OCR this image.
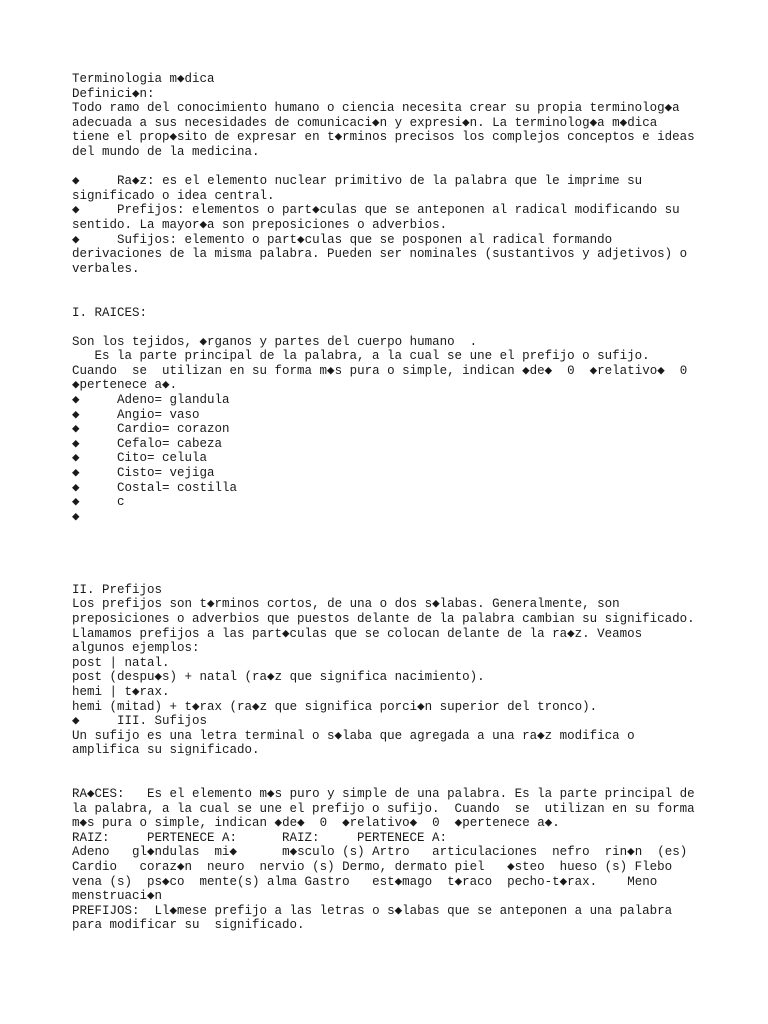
Terminologia m◆dica
Definici◆n:
Todo ramo del conocimiento humano o ciencia necesita crear su propia terminolog◆a
adecuada a sus necesidades de comunicaci◆n y expresi◆n. La terminolog◆a m◆dica
tiene el prop◆sito de expresar en t◆rminos precisos los complejos conceptos e ideas
del mundo de la medicina.
◆     Ra◆z: es el elemento nuclear primitivo de la palabra que le imprime su
significado o idea central.
◆     Prefijos: elementos o part◆culas que se anteponen al radical modificando su
sentido. La mayor◆a son preposiciones o adverbios.
◆     Sufijos: elemento o part◆culas que se posponen al radical formando
derivaciones de la misma palabra. Pueden ser nominales (sustantivos y adjetivos) o
verbales.
I. RAICES:
Son los tejidos, ◆rganos y partes del cuerpo humano  .
Es la parte principal de la palabra, a la cual se une el prefijo o sufijo.
Cuando  se  utilizan en su forma m◆s pura o simple, indican ◆de◆  0  ◆relativo◆  0
◆pertenece a◆.
◆     Adeno= glandula
◆     Angio= vaso
◆     Cardio= corazon
◆     Cefalo= cabeza
◆     Cito= celula
◆     Cisto= vejiga
◆     Costal= costilla
◆     c
◆
II. Prefijos
Los prefijos son t◆rminos cortos, de una o dos s◆labas. Generalmente, son
preposiciones o adverbios que puestos delante de la palabra cambian su significado.
Llamamos prefijos a las part◆culas que se colocan delante de la ra◆z. Veamos
algunos ejemplos:
post | natal.
post (despu◆s) + natal (ra◆z que significa nacimiento).
hemi | t◆rax.
hemi (mitad) + t◆rax (ra◆z que significa porci◆n superior del tronco).
◆     III. Sufijos
Un sufijo es una letra terminal o s◆laba que agregada a una ra◆z modifica o
amplifica su significado.
RA◆CES:   Es el elemento m◆s puro y simple de una palabra. Es la parte principal de
la palabra, a la cual se une el prefijo o sufijo.  Cuando  se  utilizan en su forma
m◆s pura o simple, indican ◆de◆  0  ◆relativo◆  0  ◆pertenece a◆.
RAIZ:     PERTENECE A:      RAIZ:     PERTENECE A:
Adeno   gl◆ndulas  mi◆      m◆sculo (s) Artro   articulaciones  nefro  rin◆n  (es)
Cardio   coraz◆n  neuro  nervio (s) Dermo, dermato piel   ◆steo  hueso (s) Flebo
vena (s)  ps◆co  mente(s) alma Gastro   est◆mago  t◆raco  pecho-t◆rax.    Meno
menstruaci◆n
PREFIJOS:  Ll◆mese prefijo a las letras o s◆labas que se anteponen a una palabra
para modificar su  significado.
